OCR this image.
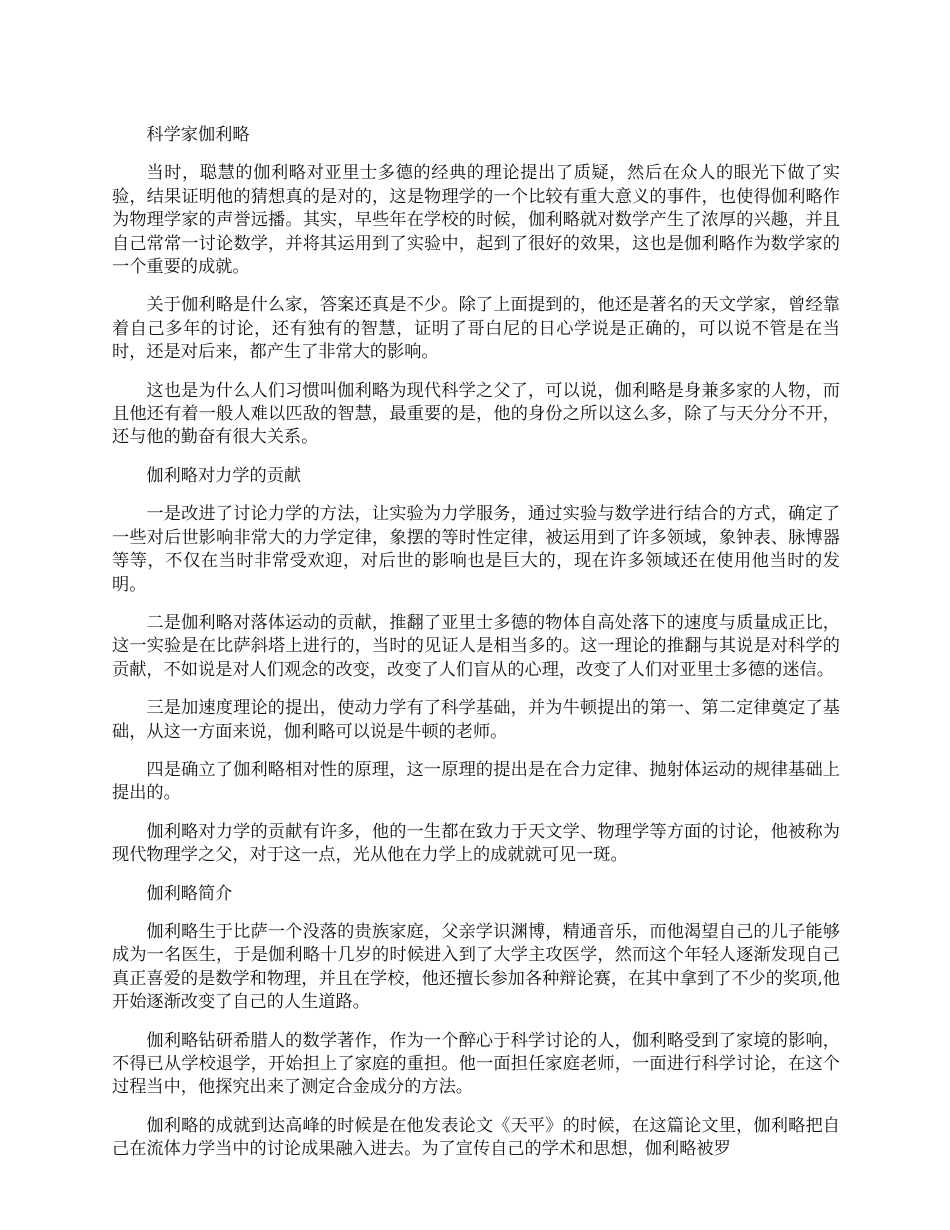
科学家伽利略

当时，聪慧的伽利略对亚里士多德的经典的理论提出了质疑，然后在众人的眼光下做了实验，结果证明他的猜想真的是对的，这是物理学的一个比较有重大意义的事件，也使得伽利略作为物理学家的声誉远播。其实，早些年在学校的时候，伽利略就对数学产生了浓厚的兴趣，并且自己常常一讨论数学，并将其运用到了实验中，起到了很好的效果，这也是伽利略作为数学家的一个重要的成就。

关于伽利略是什么家，答案还真是不少。除了上面提到的，他还是著名的天文学家，曾经靠着自己多年的讨论，还有独有的智慧，证明了哥白尼的日心学说是正确的，可以说不管是在当时，还是对后来，都产生了非常大的影响。

这也是为什么人们习惯叫伽利略为现代科学之父了，可以说，伽利略是身兼多家的人物，而且他还有着一般人难以匹敌的智慧，最重要的是，他的身份之所以这么多，除了与天分分不开，还与他的勤奋有很大关系。

伽利略对力学的贡献

一是改进了讨论力学的方法，让实验为力学服务，通过实验与数学进行结合的方式，确定了一些对后世影响非常大的力学定律，象摆的等时性定律，被运用到了许多领域，象钟表、脉博器等等，不仅在当时非常受欢迎，对后世的影响也是巨大的，现在许多领域还在使用他当时的发明。

二是伽利略对落体运动的贡献，推翻了亚里士多德的物体自高处落下的速度与质量成正比，这一实验是在比萨斜塔上进行的，当时的见证人是相当多的。这一理论的推翻与其说是对科学的贡献，不如说是对人们观念的改变，改变了人们盲从的心理，改变了人们对亚里士多德的迷信。

三是加速度理论的提出，使动力学有了科学基础，并为牛顿提出的第一、第二定律奠定了基础，从这一方面来说，伽利略可以说是牛顿的老师。

四是确立了伽利略相对性的原理，这一原理的提出是在合力定律、抛射体运动的规律基础上提出的。

伽利略对力学的贡献有许多，他的一生都在致力于天文学、物理学等方面的讨论，他被称为现代物理学之父，对于这一点，光从他在力学上的成就就可见一斑。

伽利略简介

伽利略生于比萨一个没落的贵族家庭，父亲学识渊博，精通音乐，而他渴望自己的儿子能够成为一名医生，于是伽利略十几岁的时候进入到了大学主攻医学，然而这个年轻人逐渐发现自己真正喜爱的是数学和物理，并且在学校，他还擅长参加各种辩论赛，在其中拿到了不少的奖项,他开始逐渐改变了自己的人生道路。

伽利略钻研希腊人的数学著作，作为一个醉心于科学讨论的人，伽利略受到了家境的影响，不得已从学校退学，开始担上了家庭的重担。他一面担任家庭老师，一面进行科学讨论，在这个过程当中，他探究出来了测定合金成分的方法。

伽利略的成就到达高峰的时候是在他发表论文《天平》的时候，在这篇论文里，伽利略把自己在流体力学当中的讨论成果融入进去。为了宣传自己的学术和思想，伽利略被罗
